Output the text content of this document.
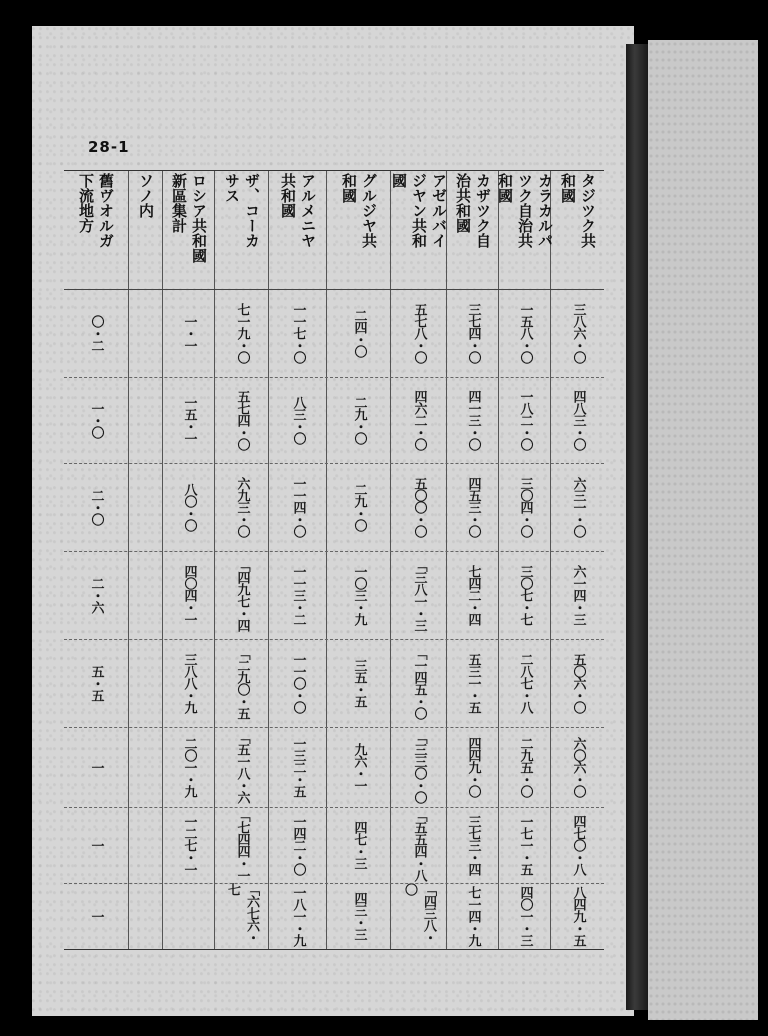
28-1
タジツク共
和國
三八六・〇
四八三・〇
六三一・〇
六一四・三
五〇六・〇
六〇六・〇
四七〇・八
八四九・五
カラカルパ
ツク自治共
和國
一五八・〇
一八二・〇
三〇四・〇
三〇七・七
二八七・八
二九五・〇
一七一・五
四〇一・三
カザツク自
治共和國
三七四・〇
四一三・〇
四五三・〇
七四二・四
五三一・五
四四九・〇
三七三・四
七一四・九
アゼルバイ
ジヤン共和
國
五七八・〇
四六二・〇
五〇〇・〇
「三八一・三
「一四五・〇
「三三〇・〇
「五五四・八
「四三八・〇
グルジヤ共
和國
二四・〇
二九・〇
二九・〇
一〇三・九
三五・五
九六・一
四七・三
四三・三
アルメニヤ
共和國
一一七・〇
八三・〇
一一四・〇
一一三・二
一一〇・〇
一三二・五
一四二・〇
一八一・九
ザ、コーカ
サス
七一九・〇
五七四・〇
六九三・〇
「四九七・四
「二九〇・五
「五一八・六
「七四四・一
「六七六・七
ロシア共和國
新區集計
一・一
一五・一
八〇・〇
四〇四・一
三八八・九
二〇一・九
一二七・一
ソノ内
舊ヴオルガ
下流地方
〇・二
一・〇
二・〇
二・六
五・五
一
一
一
